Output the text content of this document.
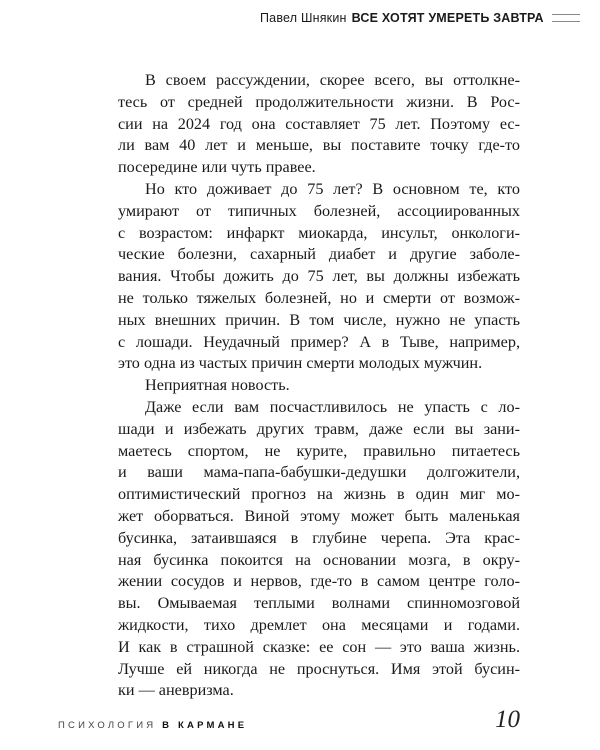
Павел Шнякин ВСЕ ХОТЯТ УМЕРЕТЬ ЗАВТРА
В своем рассуждении, скорее всего, вы оттолкне-
тесь от средней продолжительности жизни. В Рос-
сии на 2024 год она составляет 75 лет. Поэтому ес-
ли вам 40 лет и меньше, вы поставите точку где-то
посередине или чуть правее.
Но кто доживает до 75 лет? В основном те, кто
умирают от типичных болезней, ассоциированных
с возрастом: инфаркт миокарда, инсульт, онкологи-
ческие болезни, сахарный диабет и другие заболе-
вания. Чтобы дожить до 75 лет, вы должны избежать
не только тяжелых болезней, но и смерти от возмож-
ных внешних причин. В том числе, нужно не упасть
с лошади. Неудачный пример? А в Тыве, например,
это одна из частых причин смерти молодых мужчин.
Неприятная новость.
Даже если вам посчастливилось не упасть с ло-
шади и избежать других травм, даже если вы зани-
маетесь спортом, не курите, правильно питаетесь
и ваши мама-папа-бабушки-дедушки долгожители,
оптимистический прогноз на жизнь в один миг мо-
жет оборваться. Виной этому может быть маленькая
бусинка, затаившаяся в глубине черепа. Эта крас-
ная бусинка покоится на основании мозга, в окру-
жении сосудов и нервов, где-то в самом центре голо-
вы. Омываемая теплыми волнами спинномозговой
жидкости, тихо дремлет она месяцами и годами.
И как в страшной сказке: ее сон — это ваша жизнь.
Лучше ей никогда не проснуться. Имя этой бусин-
ки — аневризма.
ПСИХОЛОГИЯ В КАРМАНЕ	10
